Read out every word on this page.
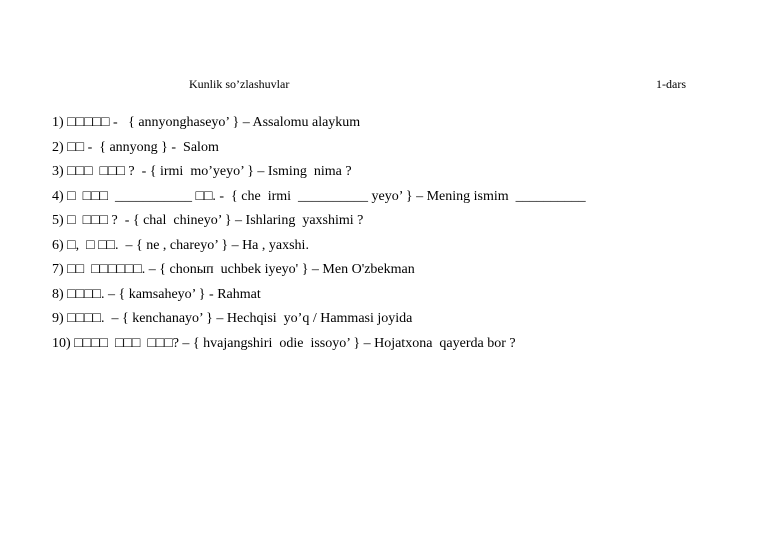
Kunlik so’zlashuvlar	1-dars
1) □□□□□ -   { annyonghaseyo’ } – Assalomu alaykum
2) □□ -  { annyong } -  Salom
3) □□□  □□□ ?  - { irmi  mo’yeyo’ } – Isming  nima ?
4) □  □□□  ___________ □□. -  { che  irmi  __________ yeyo’ } – Mening ismim  __________
5) □  □□□ ?  - { chal  chineyo’ } – Ishlaring  yaxshimi ?
6) □,  □ □□.  – { ne , chareyo’ } – Ha , yaxshi.
7) □□  □□□□□□. – { chonып  uchbek iyeyo' } – Men O'zbekman
8) □□□□. – { kamsaheyo’ } - Rahmat
9) □□□□.  – { kenchanayo’ } – Hechqisi  yo’q / Hammasi joyida
10) □□□□  □□□  □□□? – { hvajangshiri  odie  issoyo’ } – Hojatxona  qayerda bor ?
